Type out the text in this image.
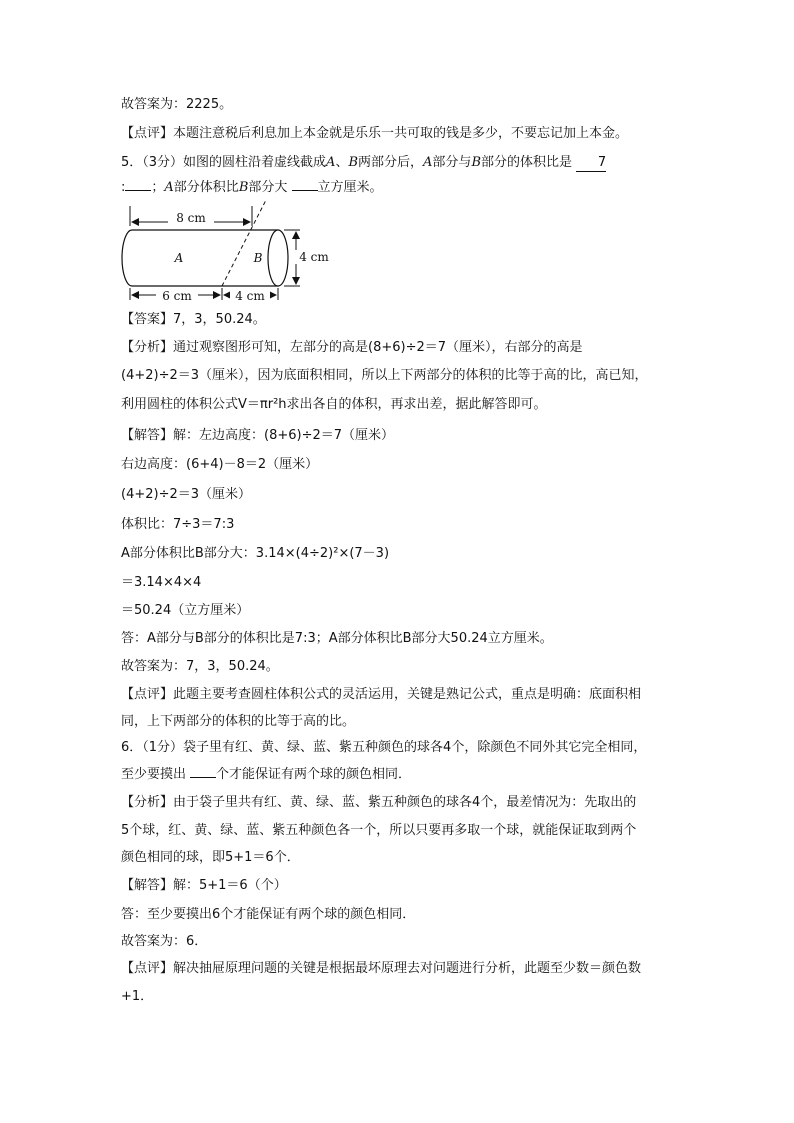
故答案为：2225。
【点评】本题注意税后利息加上本金就是乐乐一共可取的钱是多少，不要忘记加上本金。
5．（3分）如图的圆柱沿着虚线截成A、B两部分后，A部分与B部分的体积比是 7
: ；A部分体积比B部分大 立方厘米。
8 cm
A	B
6 cm	4 cm
4 cm
【答案】7，3，50.24。
【分析】通过观察图形可知，左部分的高是(8+6)÷2＝7（厘米），右部分的高是
(4+2)÷2＝3（厘米），因为底面积相同，所以上下两部分的体积的比等于高的比，高已知，
利用圆柱的体积公式V＝πr²h求出各自的体积，再求出差，据此解答即可。
【解答】解：左边高度：(8+6)÷2＝7（厘米）
右边高度：(6+4)－8＝2（厘米）
(4+2)÷2＝3（厘米）
体积比：7÷3＝7:3
A部分体积比B部分大：3.14×(4÷2)²×(7－3)
＝3.14×4×4
＝50.24（立方厘米）
答：A部分与B部分的体积比是7:3；A部分体积比B部分大50.24立方厘米。
故答案为：7，3，50.24。
【点评】此题主要考查圆柱体积公式的灵活运用，关键是熟记公式，重点是明确：底面积相
同，上下两部分的体积的比等于高的比。
6．（1分）袋子里有红、黄、绿、蓝、紫五种颜色的球各4个，除颜色不同外其它完全相同，
至少要摸出 个才能保证有两个球的颜色相同．
【分析】由于袋子里共有红、黄、绿、蓝、紫五种颜色的球各4个，最差情况为：先取出的
5个球，红、黄、绿、蓝、紫五种颜色各一个，所以只要再多取一个球，就能保证取到两个
颜色相同的球，即5+1＝6个．
【解答】解：5+1＝6（个）
答：至少要摸出6个才能保证有两个球的颜色相同．
故答案为：6．
【点评】解决抽屉原理问题的关键是根据最坏原理去对问题进行分析，此题至少数＝颜色数
+1．
